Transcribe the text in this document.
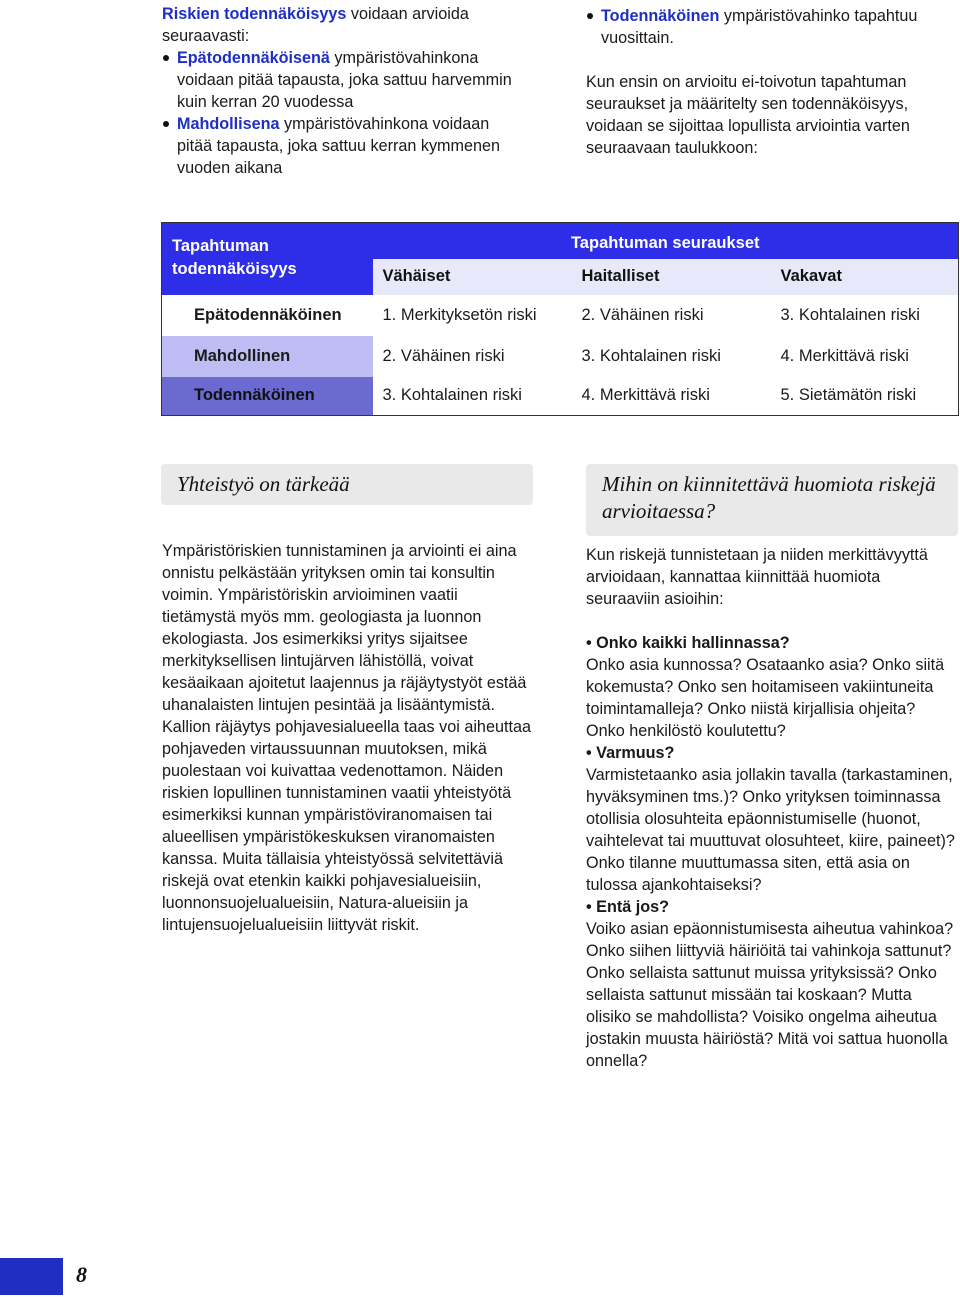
Riskien todennäköisyys voidaan arvioida seuraavasti:
Epätodennäköisenä ympäristövahinkona voidaan pitää tapausta, joka sattuu harvemmin kuin kerran 20 vuodessa
Mahdollisena ympäristövahinkona voidaan pitää tapausta, joka sattuu kerran kymmenen vuoden aikana
Todennäköinen ympäristövahinko tapahtuu vuosittain.

Kun ensin on arvioitu ei-toivotun tapahtuman seuraukset ja määritelty sen todennäköisyys, voidaan se sijoittaa lopullista arviointia varten seuraavaan taulukkoon:

Tapahtuman todennäköisyys	Tapahtuman seuraukset		
	Vähäiset	Haitalliset	Vakavat
Epätodennäköinen	1. Merkityksetön riski	2. Vähäinen riski	3. Kohtalainen riski
Mahdollinen	2. Vähäinen riski	3. Kohtalainen riski	4. Merkittävä riski
Todennäköinen	3. Kohtalainen riski	4. Merkittävä riski	5. Sietämätön riski
Yhteistyö on tärkeää

Ympäristöriskien tunnistaminen ja arviointi ei aina onnistu pelkästään yrityksen omin tai konsultin voimin. Ympäristöriskin arvioiminen vaatii tietämystä myös mm. geologiasta ja luonnon ekologiasta. Jos esimerkiksi yritys sijaitsee merkityksellisen lintujärven lähistöllä, voivat kesäaikaan ajoitetut laajennus ja räjäytystyöt estää uhanalaisten lintujen pesintää ja lisääntymistä. Kallion räjäytys pohjavesialueella taas voi aiheuttaa pohjaveden virtaussuunnan muutoksen, mikä puolestaan voi kuivattaa vedenottamon. Näiden riskien lopullinen tunnistaminen vaatii yhteistyötä esimerkiksi kunnan ympäristöviranomaisen tai alueellisen ympäristökeskuksen viranomaisten kanssa. Muita tällaisia yhteistyössä selvitettäviä riskejä ovat etenkin kaikki pohjavesialueisiin, luonnonsuojelualueisiin, Natura-alueisiin ja lintujensuojelualueisiin liittyvät riskit.

Mihin on kiinnitettävä huomiota riskejä arvioitaessa?

Kun riskejä tunnistetaan ja niiden merkittävyyttä arvioidaan, kannattaa kiinnittää huomiota seuraaviin asioihin:

• Onko kaikki hallinnassa?
Onko asia kunnossa? Osataanko asia? Onko siitä kokemusta? Onko sen hoitamiseen vakiintuneita toimintamalleja? Onko niistä kirjallisia ohjeita? Onko henkilöstö koulutettu?
• Varmuus?
Varmistetaanko asia jollakin tavalla (tarkastaminen, hyväksyminen tms.)? Onko yrityksen toiminnassa otollisia olosuhteita epäonnistumiselle (huonot, vaihtelevat tai muuttuvat olosuhteet, kiire, paineet)? Onko tilanne muuttumassa siten, että asia on tulossa ajankohtaiseksi?
• Entä jos?
Voiko asian epäonnistumisesta aiheutua vahinkoa? Onko siihen liittyviä häiriöitä tai vahinkoja sattunut? Onko sellaista sattunut muissa yrityksissä? Onko sellaista sattunut missään tai koskaan? Mutta olisiko se mahdollista? Voisiko ongelma aiheutua jostakin muusta häiriöstä? Mitä voi sattua huonolla onnella?
8
